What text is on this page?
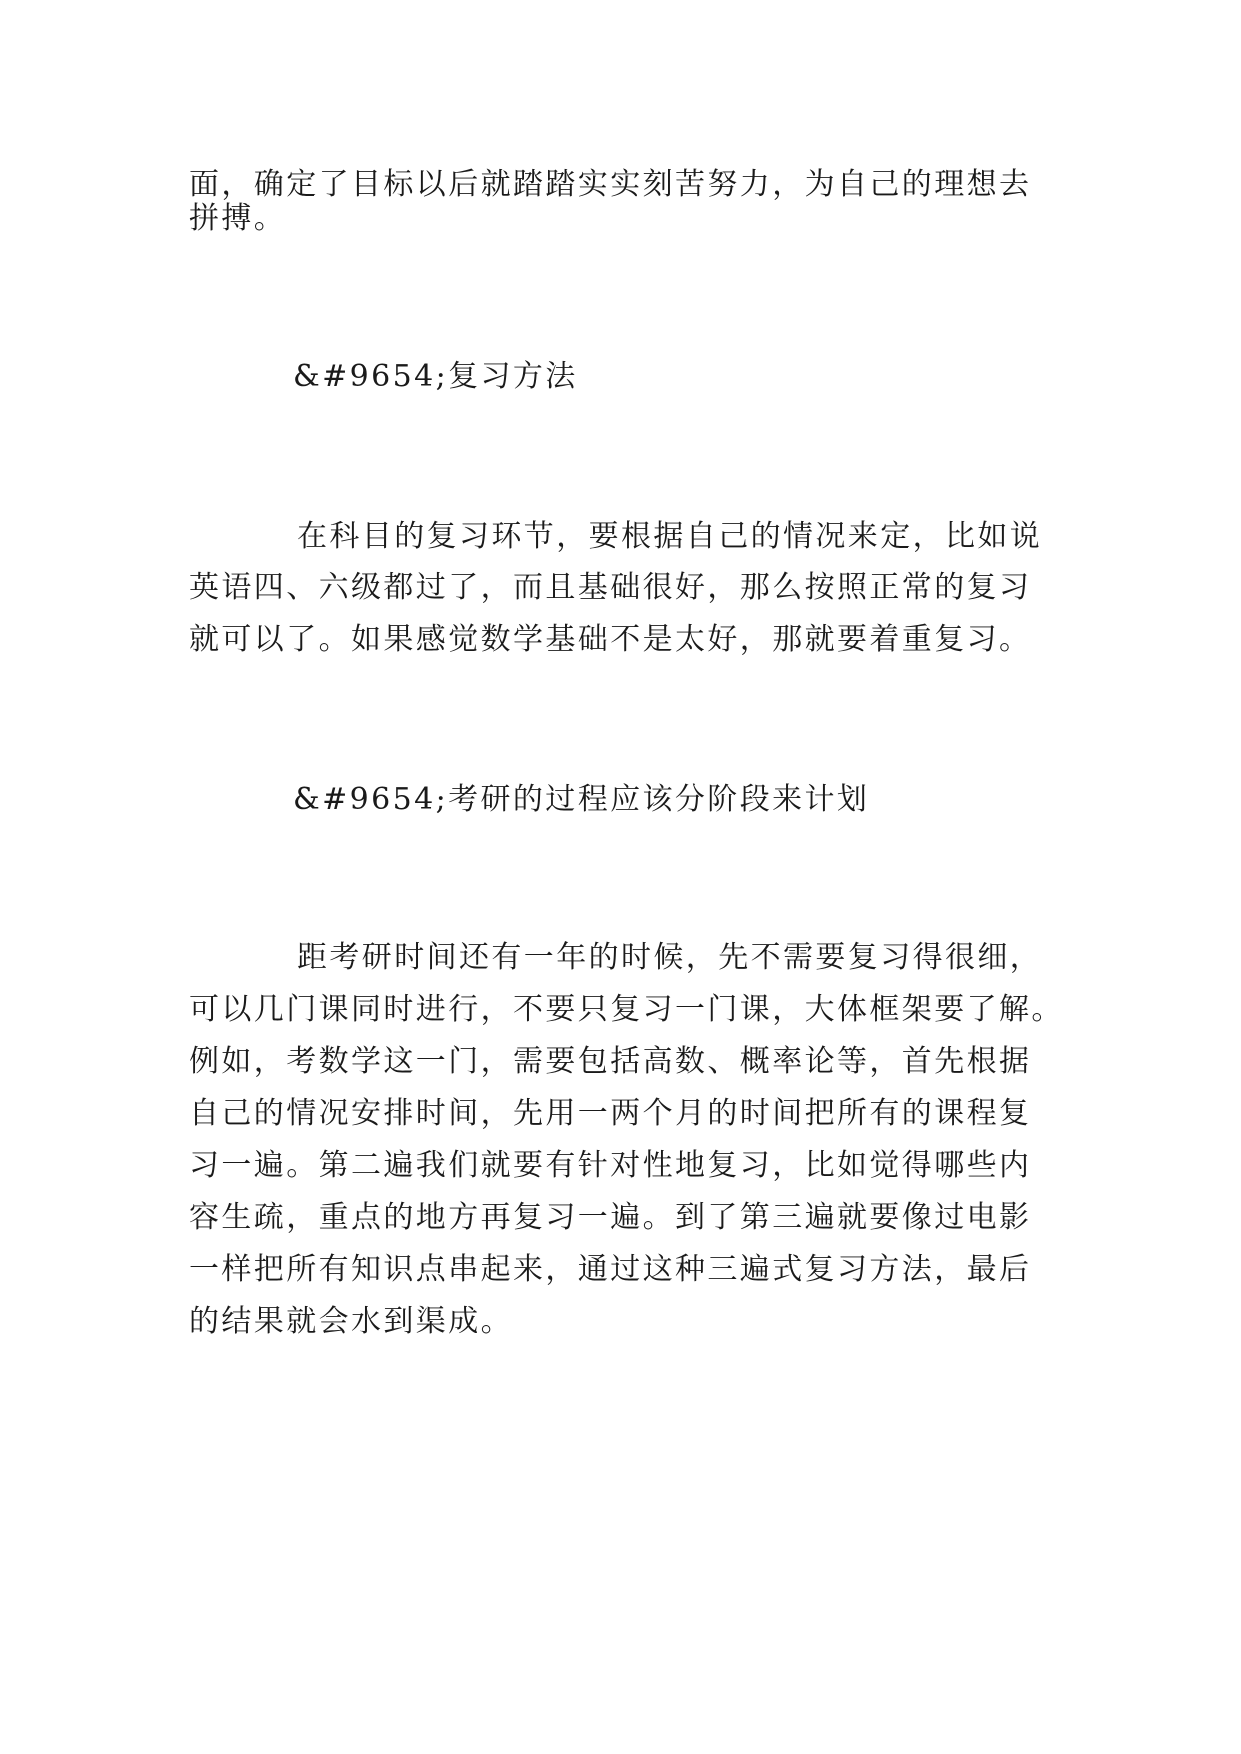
面，确定了目标以后就踏踏实实刻苦努力，为自己的理想去
拼搏。
&#9654;复习方法
在科目的复习环节，要根据自己的情况来定，比如说
英语四、六级都过了，而且基础很好，那么按照正常的复习
就可以了。如果感觉数学基础不是太好，那就要着重复习。
&#9654;考研的过程应该分阶段来计划
距考研时间还有一年的时候，先不需要复习得很细，
可以几门课同时进行，不要只复习一门课，大体框架要了解。
例如，考数学这一门，需要包括高数、概率论等，首先根据
自己的情况安排时间，先用一两个月的时间把所有的课程复
习一遍。第二遍我们就要有针对性地复习，比如觉得哪些内
容生疏，重点的地方再复习一遍。到了第三遍就要像过电影
一样把所有知识点串起来，通过这种三遍式复习方法，最后
的结果就会水到渠成。
